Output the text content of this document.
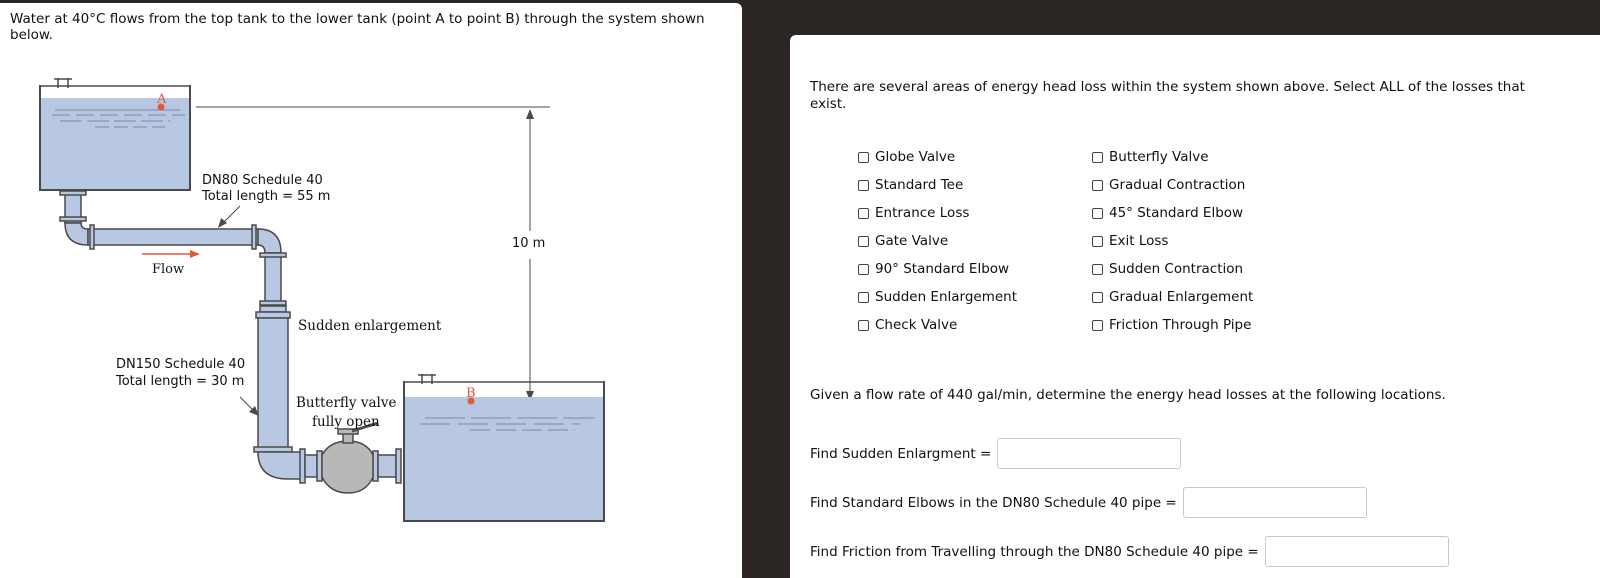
Water at 40°C flows from the top tank to the lower tank (point A to point B) through the system shown below.

A
10 m
B
Flow
DN80 Schedule 40
Total length = 55 m
Sudden enlargement
DN150 Schedule 40
Total length = 30 m
Butterfly valve
fully open

There are several areas of energy head loss within the system shown above. Select ALL of the losses that exist.

Globe Valve
Standard Tee
Entrance Loss
Gate Valve
90° Standard Elbow
Sudden Enlargement
Check Valve
Butterfly Valve
Gradual Contraction
45° Standard Elbow
Exit Loss
Sudden Contraction
Gradual Enlargement
Friction Through Pipe

Given a flow rate of 440 gal/min, determine the energy head losses at the following locations.

Find Sudden Enlargment =
Find Standard Elbows in the DN80 Schedule 40 pipe =
Find Friction from Travelling through the DN80 Schedule 40 pipe =
